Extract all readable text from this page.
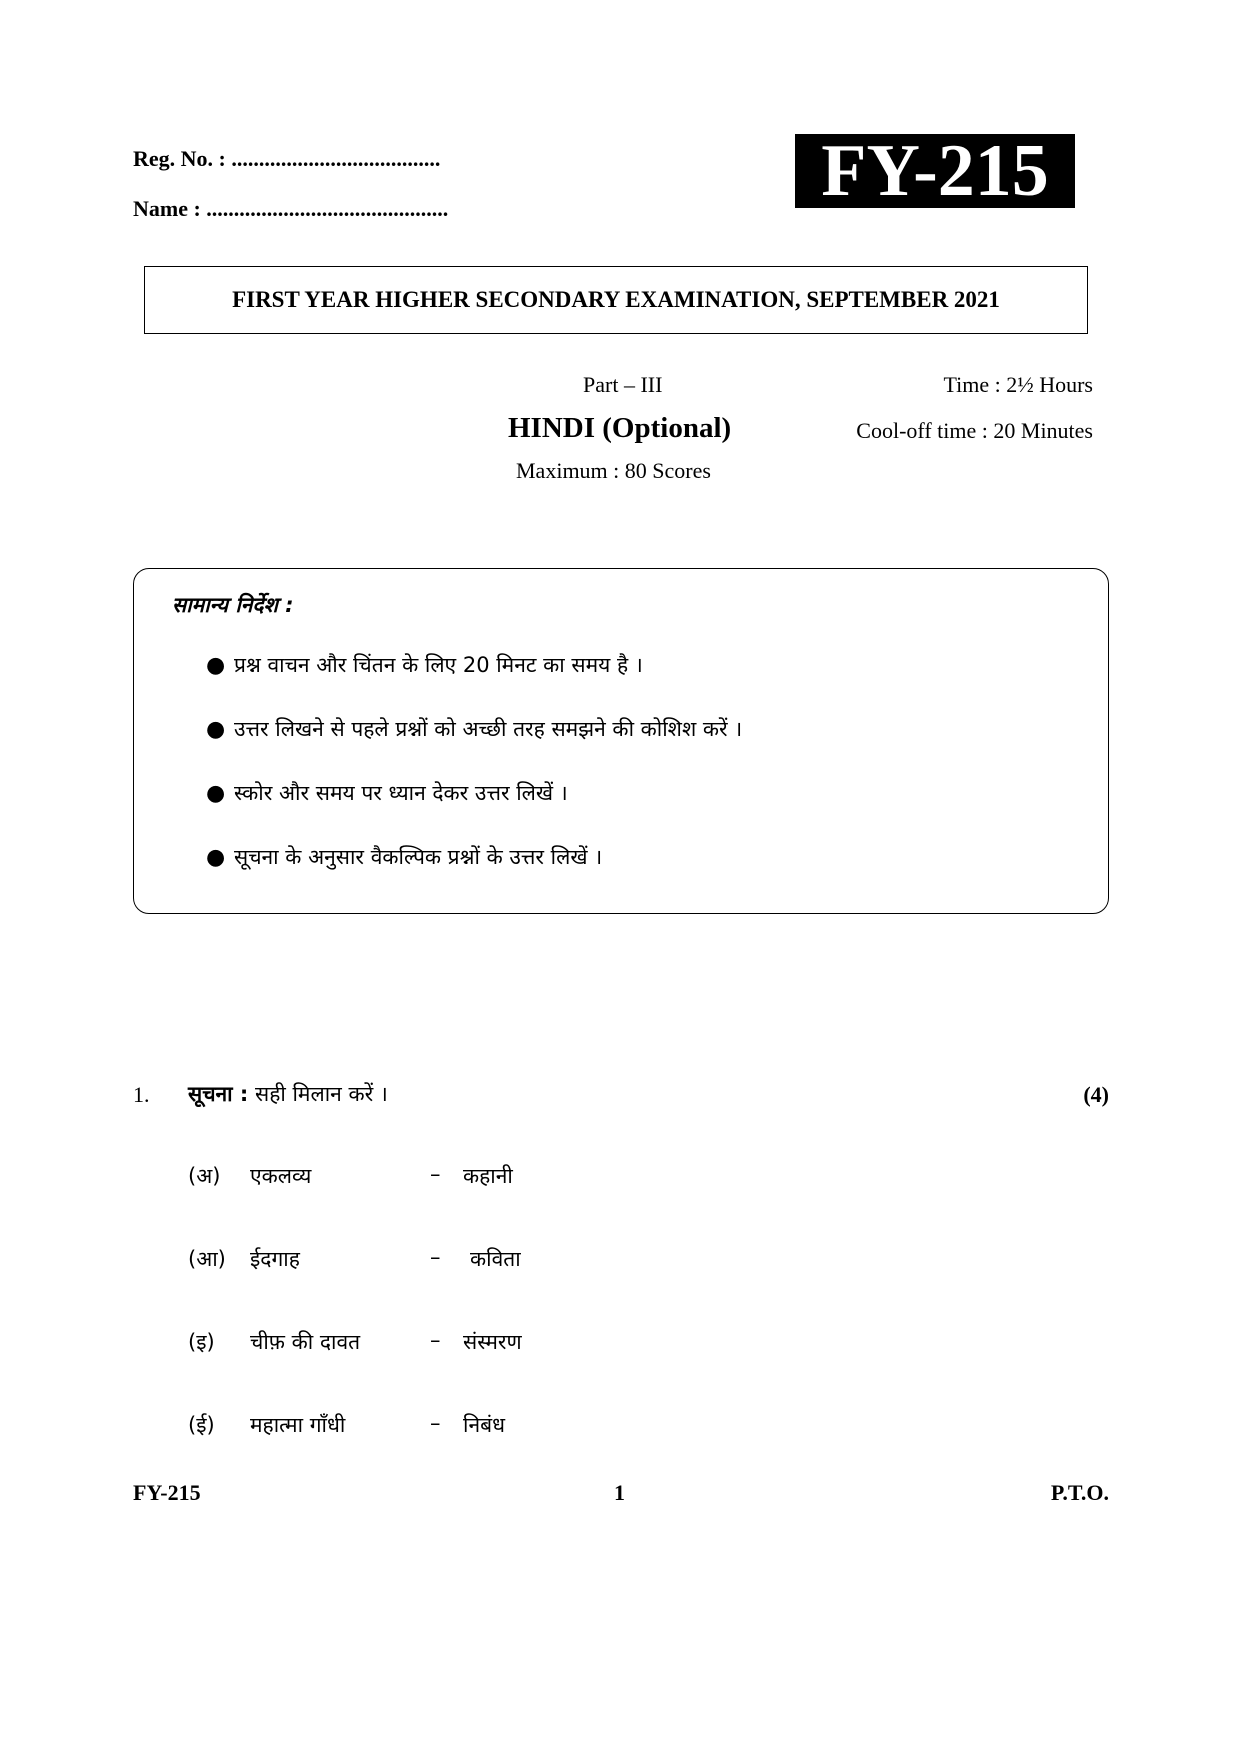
Reg. No. : ......................................
Name : ............................................	FY-215
FIRST YEAR HIGHER SECONDARY EXAMINATION, SEPTEMBER 2021
Part – III	Time : 2½ Hours
HINDI (Optional)	Cool-off time : 20 Minutes
Maximum : 80 Scores
सामान्य निर्देश :
● प्रश्न वाचन और चिंतन के लिए 20 मिनट का समय है ।
● उत्तर लिखने से पहले प्रश्नों को अच्छी तरह समझने की कोशिश करें ।
● स्कोर और समय पर ध्यान देकर उत्तर लिखें ।
● सूचना के अनुसार वैकल्पिक प्रश्नों के उत्तर लिखें ।
1. सूचना : सही मिलान करें ।	(4)
(अ) एकलव्य	– कहानी
(आ) ईदगाह	– कविता
(इ) चीफ़ की दावत	– संस्मरण
(ई) महात्मा गाँधी	– निबंध
FY-215	1	P.T.O.
